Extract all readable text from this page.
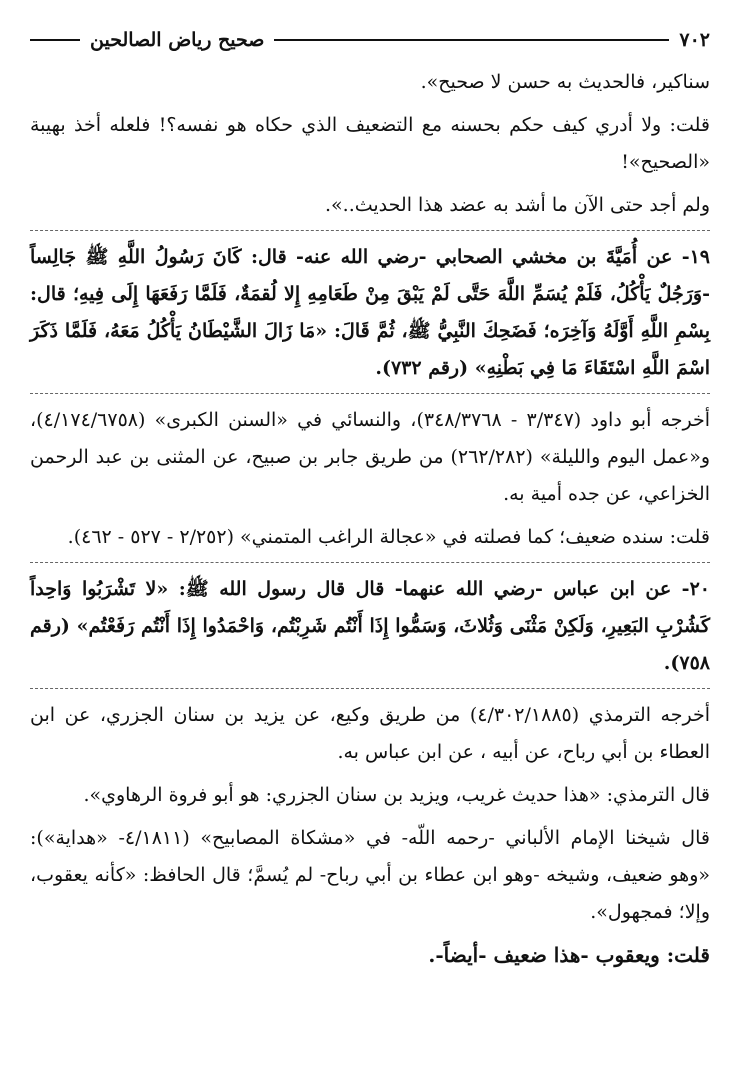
٧٠٢
صحيح رياض الصالحين

سناكير، فالحديث به حسن لا صحيح».

قلت: ولا أدري كيف حكم بحسنه مع التضعيف الذي حكاه هو نفسه؟! فلعله أخذ بهيبة «الصحيح»!

ولم أجد حتى الآن ما أشد به عضد هذا الحديث..».

١٩- عن أُمَيَّةَ بن مخشي الصحابي -رضي الله عنه- قال: كَانَ رَسُولُ اللَّهِ ﷺ جَالِساً -وَرَجُلٌ يَأْكُلُ، فَلَمْ يُسَمِّ اللَّهَ حَتَّى لَمْ يَبْقَ مِنْ طَعَامِهِ إِلا لُقمَةٌ، فَلَمَّا رَفَعَهَا إِلَى فِيهِ؛ قال: بِسْمِ اللَّهِ أَوَّلَهُ وَآخِرَه؛ فَضَحِكَ النَّبِيُّ ﷺ، ثُمَّ قَالَ: «مَا زَالَ الشَّيْطَانُ يَأْكُلُ مَعَهُ، فَلَمَّا ذَكَرَ اسْمَ اللَّهِ اسْتَقَاءَ مَا فِي بَطْنِهِ» (رقم ٧٣٢).

أخرجه أبو داود (٣/٣٤٧ - ٣٤٨/٣٧٦٨)، والنسائي في «السنن الكبرى» (٤/١٧٤/٦٧٥٨)، و«عمل اليوم والليلة» (٢٦٢/٢٨٢) من طريق جابر بن صبيح، عن المثنى بن عبد الرحمن الخزاعي، عن جده أمية به.

قلت: سنده ضعيف؛ كما فصلته في «عجالة الراغب المتمني» (٢/٢٥٢ - ٥٢٧ - ٤٦٢).

٢٠- عن ابن عباس -رضي الله عنهما- قال قال رسول الله ﷺ: «لا تَشْرَبُوا وَاحِداً كَشُرْبِ البَعِيرِ، وَلَكِنْ مَثْنَى وَثُلاثَ، وَسَمُّوا إِذَا أَنْتُم شَرِبْتُم، وَاحْمَدُوا إِذَا أَنْتُم رَفَعْتُم» (رقم ٧٥٨).

أخرجه الترمذي (٤/٣٠٢/١٨٨٥) من طريق وكيع، عن يزيد بن سنان الجزري، عن ابن العطاء بن أبي رباح، عن أبيه ، عن ابن عباس به.

قال الترمذي: «هذا حديث غريب، ويزيد بن سنان الجزري: هو أبو فروة الرهاوي».

قال شيخنا الإمام الألباني -رحمه اللّه- في «مشكاة المصابيح» (٤/١٨١١- «هداية»): «وهو ضعيف، وشيخه -وهو ابن عطاء بن أبي رباح- لم يُسمَّ؛ قال الحافظ: «كأنه يعقوب، وإلا؛ فمجهول».

قلت: ويعقوب -هذا ضعيف -أيضاً-.
